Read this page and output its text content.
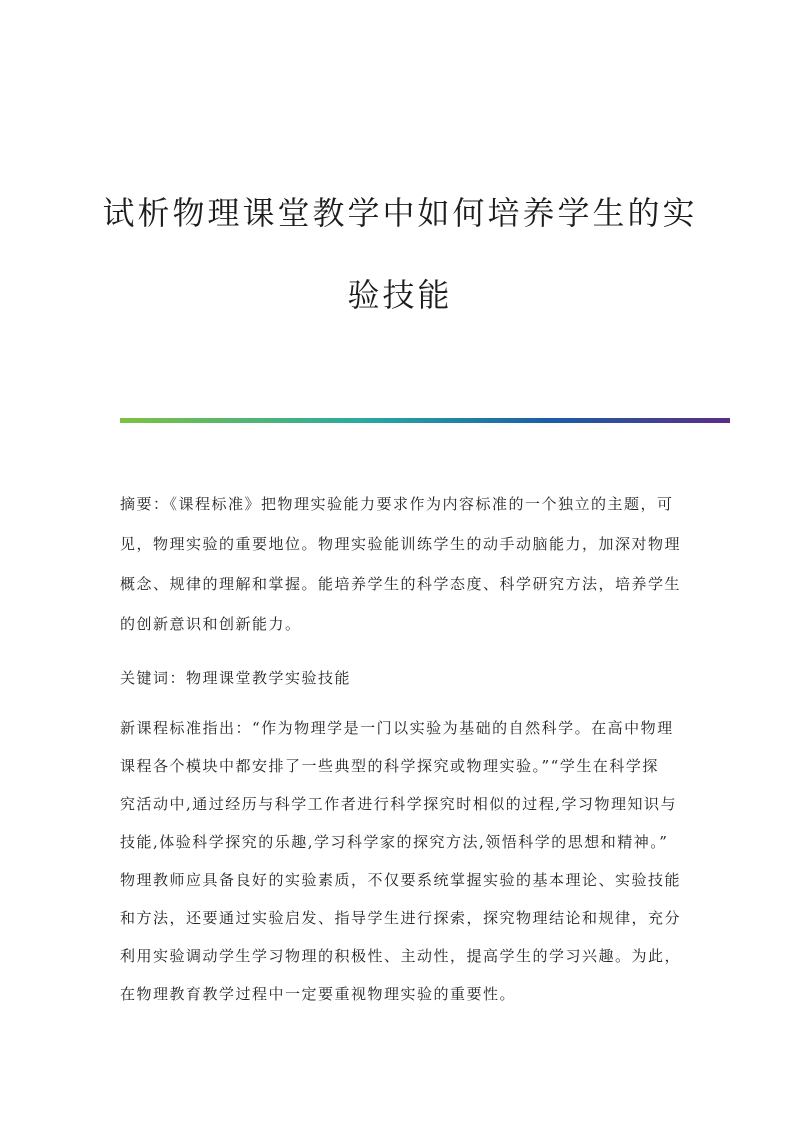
试析物理课堂教学中如何培养学生的实
验技能

摘要：《课程标准》把物理实验能力要求作为内容标准的一个独立的主题，可
见，物理实验的重要地位。物理实验能训练学生的动手动脑能力，加深对物理
概念、规律的理解和掌握。能培养学生的科学态度、科学研究方法，培养学生
的创新意识和创新能力。

关键词：物理课堂教学实验技能

新课程标准指出：“作为物理学是一门以实验为基础的自然科学。在高中物理
课程各个模块中都安排了一些典型的科学探究或物理实验。”“学生在科学探
究活动中,通过经历与科学工作者进行科学探究时相似的过程,学习物理知识与
技能,体验科学探究的乐趣,学习科学家的探究方法,领悟科学的思想和精神。”
物理教师应具备良好的实验素质，不仅要系统掌握实验的基本理论、实验技能
和方法，还要通过实验启发、指导学生进行探索，探究物理结论和规律，充分
利用实验调动学生学习物理的积极性、主动性，提高学生的学习兴趣。为此，
在物理教育教学过程中一定要重视物理实验的重要性。
